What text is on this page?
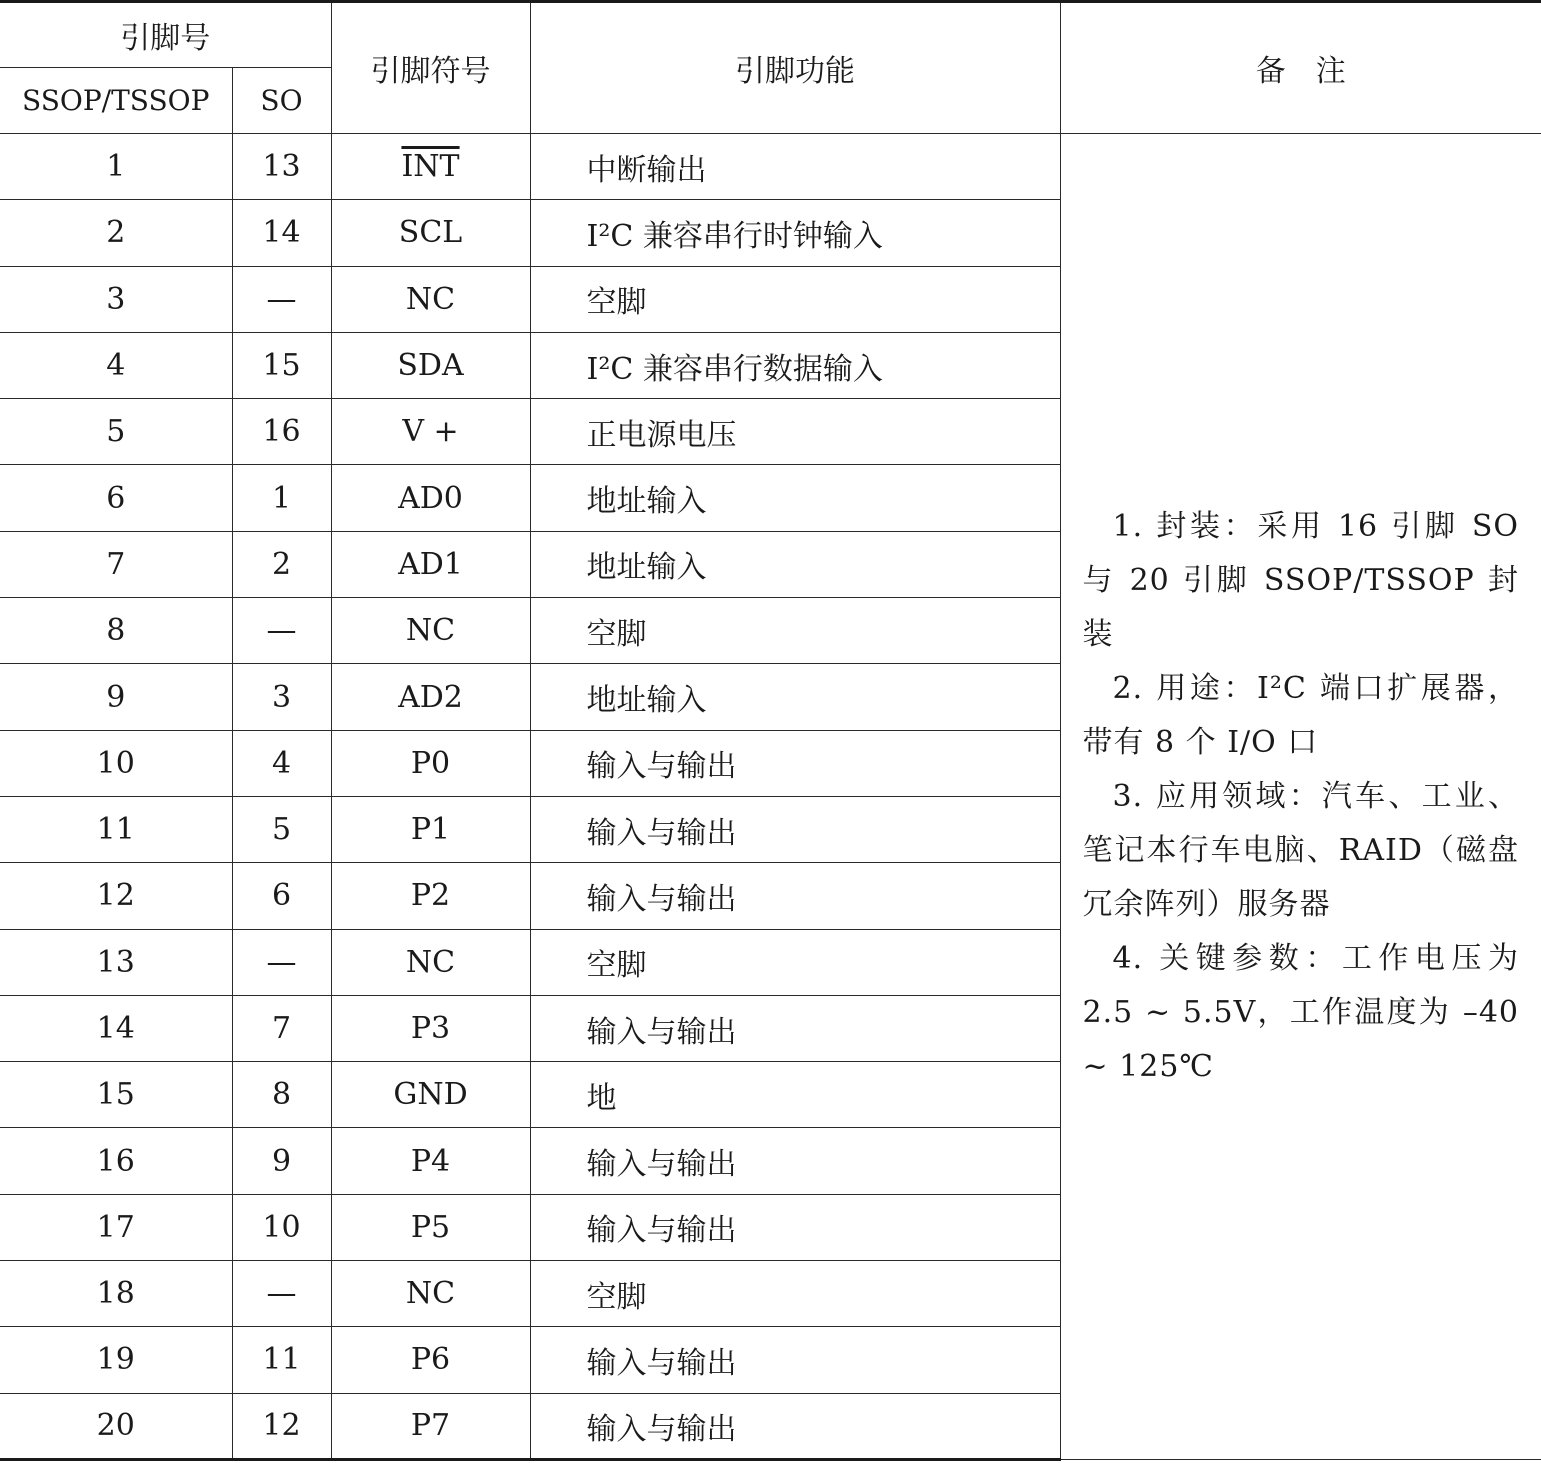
引脚号		引脚符号	引脚功能	备　注
SSOP/TSSOP	SO			
1	13	$\overline{INT}$	中断输出	1. 封装：采用 16 引脚 SO 与 20 引脚 SSOP/TSSOP 封装

2. 用途：I²C 端口扩展器，带有 8 个 I/O 口

3. 应用领域：汽车、工业、笔记本行车电脑、RAID（磁盘冗余阵列）服务器

4. 关键参数：工作电压为 2.5 ~ 5.5V，工作温度为 –40 ~ 125℃

2	14	SCL	I²C 兼容串行时钟输入	
3	—	NC	空脚	
4	15	SDA	I²C 兼容串行数据输入	
5	16	V +	正电源电压	
6	1	AD0	地址输入	
7	2	AD1	地址输入	
8	—	NC	空脚	
9	3	AD2	地址输入	
10	4	P0	输入与输出	
11	5	P1	输入与输出	
12	6	P2	输入与输出	
13	—	NC	空脚	
14	7	P3	输入与输出	
15	8	GND	地	
16	9	P4	输入与输出	
17	10	P5	输入与输出	
18	—	NC	空脚	
19	11	P6	输入与输出	
20	12	P7	输入与输出	
